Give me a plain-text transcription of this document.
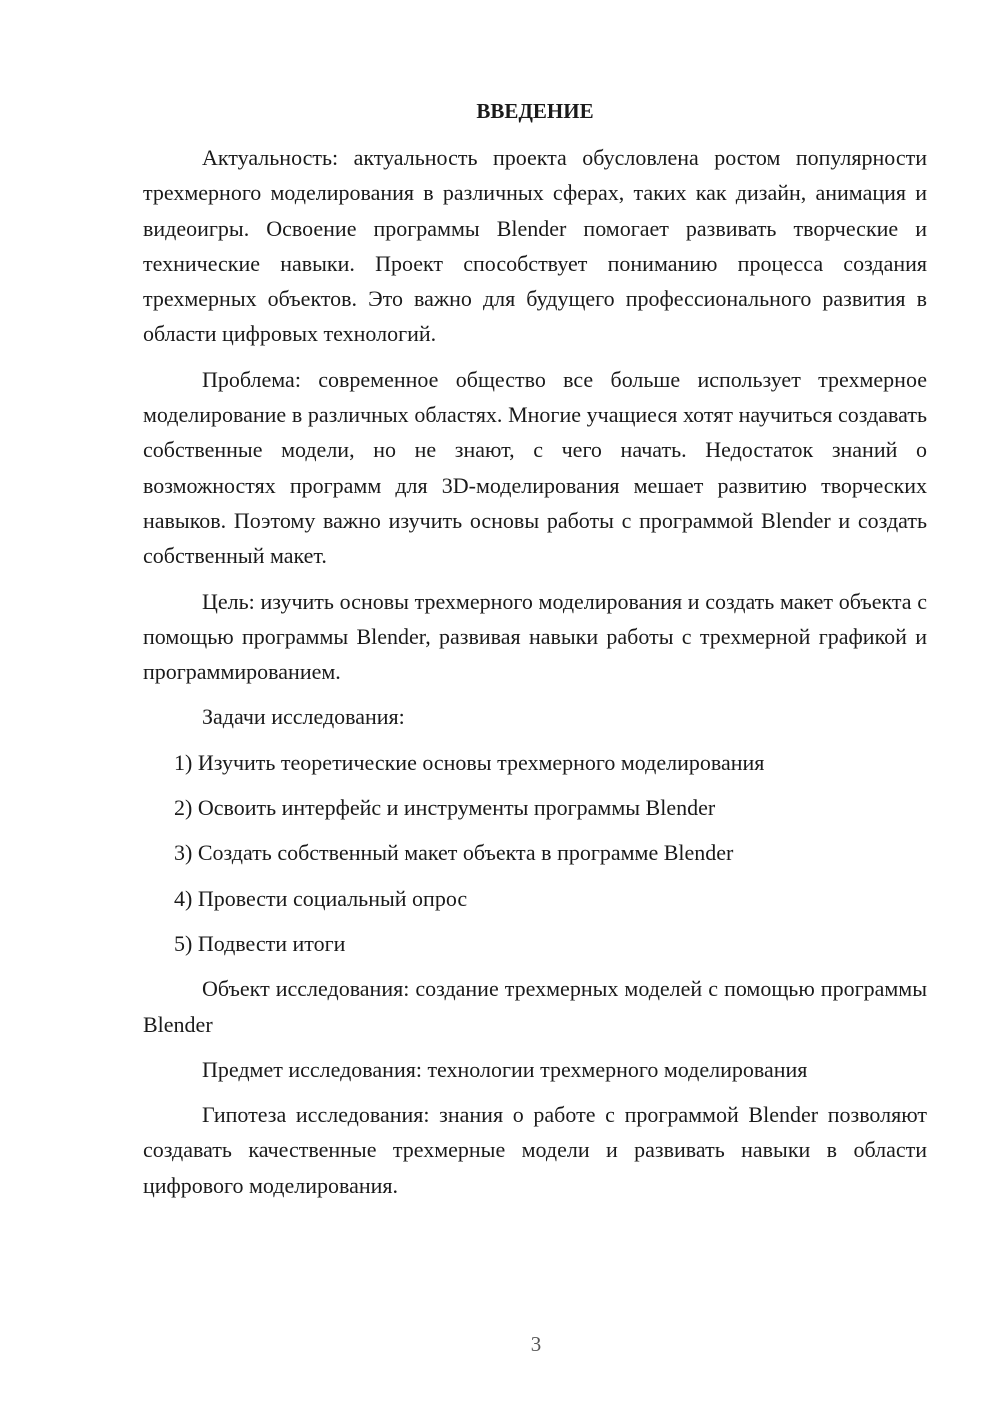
ВВЕДЕНИЕ

Актуальность: актуальность проекта обусловлена ростом популярности трехмерного моделирования в различных сферах, таких как дизайн, анимация и видеоигры. Освоение программы Blender помогает развивать творческие и технические навыки. Проект способствует пониманию процесса создания трехмерных объектов. Это важно для будущего профессионального развития в области цифровых технологий.

Проблема: современное общество все больше использует трехмерное моделирование в различных областях. Многие учащиеся хотят научиться создавать собственные модели, но не знают, с чего начать. Недостаток знаний о возможностях программ для 3D-моделирования мешает развитию творческих навыков. Поэтому важно изучить основы работы с программой Blender и создать собственный макет.

Цель: изучить основы трехмерного моделирования и создать макет объекта с помощью программы Blender, развивая навыки работы с трехмерной графикой и программированием.

Задачи исследования:
1) Изучить теоретические основы трехмерного моделирования
2) Освоить интерфейс и инструменты программы Blender
3) Создать собственный макет объекта в программе Blender
4) Провести социальный опрос
5) Подвести итоги

Объект исследования: создание трехмерных моделей с помощью программы Blender

Предмет исследования: технологии трехмерного моделирования

Гипотеза исследования: знания о работе с программой Blender позволяют создавать качественные трехмерные модели и развивать навыки в области цифрового моделирования.

3
